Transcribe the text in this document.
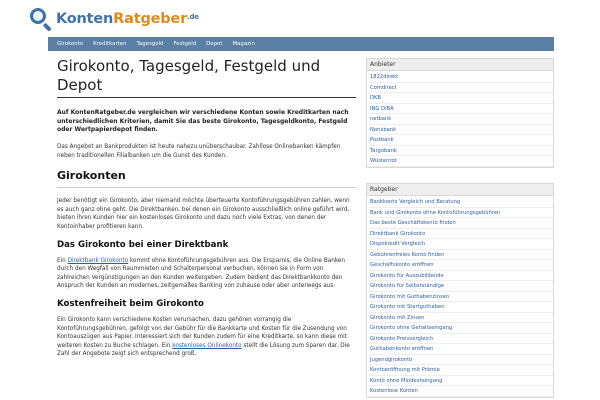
KontenRatgeber$^{.de}$
Girokonto Kreditkarten Tagesgeld Festgeld Depot Magazin
Girokonto, Tagesgeld, Festgeld und Depot
Auf KontenRatgeber.de vergleichen wir verschiedene Konten sowie Kreditkarten nach unterschiedlichen Kriterien, damit Sie das beste Girokonto, Tagesgeldkonto, Festgeld oder Wertpapierdepot finden.

Das Angebot an Bankprodukten ist heute nahezu unüberschaubar. Zahllose Onlinebanken kämpfen neben traditionellen Filialbanken um die Gunst des Kunden.

Girokonten

Jeder benötigt ein Girokonto, aber niemand möchte überteuerte Kontoführungsgebühren zahlen, wenn es auch ganz ohne geht. Die Direktbanken, bei denen ein Girokonto ausschließlich online geführt wird, bieten ihren Kunden hier ein kostenloses Girokonto und dazu noch viele Extras, von denen der Kontoinhaber profitieren kann.

Das Girokonto bei einer Direktbank

Ein Direktbank Girokonto kommt ohne Kontoführungsgebühren aus. Die Ersparnis, die Online Banken durch den Wegfall von Raummieten und Schalterpersonal verbuchen, können sie in Form von zahlreichen Vergünstigungen an den Kunden weitergeben. Zudem bedient das Direktbankkonto den Anspruch der Kunden an modernes, zeitgemäßes Banking von zuhause oder aber unterwegs aus.

Kostenfreiheit beim Girokonto

Ein Girokonto kann verschiedene Kosten verursachen, dazu gehören vorrangig die Kontoführungsgebühren, gefolgt von der Gebühr für die Bankkarte und Kosten für die Zusendung von Kontoauszügen aus Papier. Interessiert sich der Kunden zudem für eine Kreditkarte, so kann diese mit weiteren Kosten zu Buche schlagen. Ein kostenloses Onlinekonto stellt die Lösung zum Sparen dar. Die Zahl der Angebote zeigt sich entsprechend groß.

Anbieter
1822direkt
Comdirect
DKB
ING DiBA
netbank
Norisbank
Postbank
Targobank
Wüstenrot
Ratgeber
Bankkonto Vergleich und Beratung
Bank und Girokonto ohne Kontoführungsgebühren
Das beste Geschäftskonto finden
Direktbank Girokonto
Dispokredit Vergleich
Gebührenfreies Konto finden
Geschäftskonto eröffnen
Girokonto für Auszubildende
Girokonto für Selbstständige
Girokonto mit Guthabenzinsen
Girokonto mit Startguthaben
Girokonto mit Zinsen
Girokonto ohne Gehaltseingang
Girokonto Preisvergleich
Guthabenkonto eröffnen
Jugendgirokonto
Kontoeröffnung mit Prämie
Konto ohne Mindesteingang
Kostenlose Konten
